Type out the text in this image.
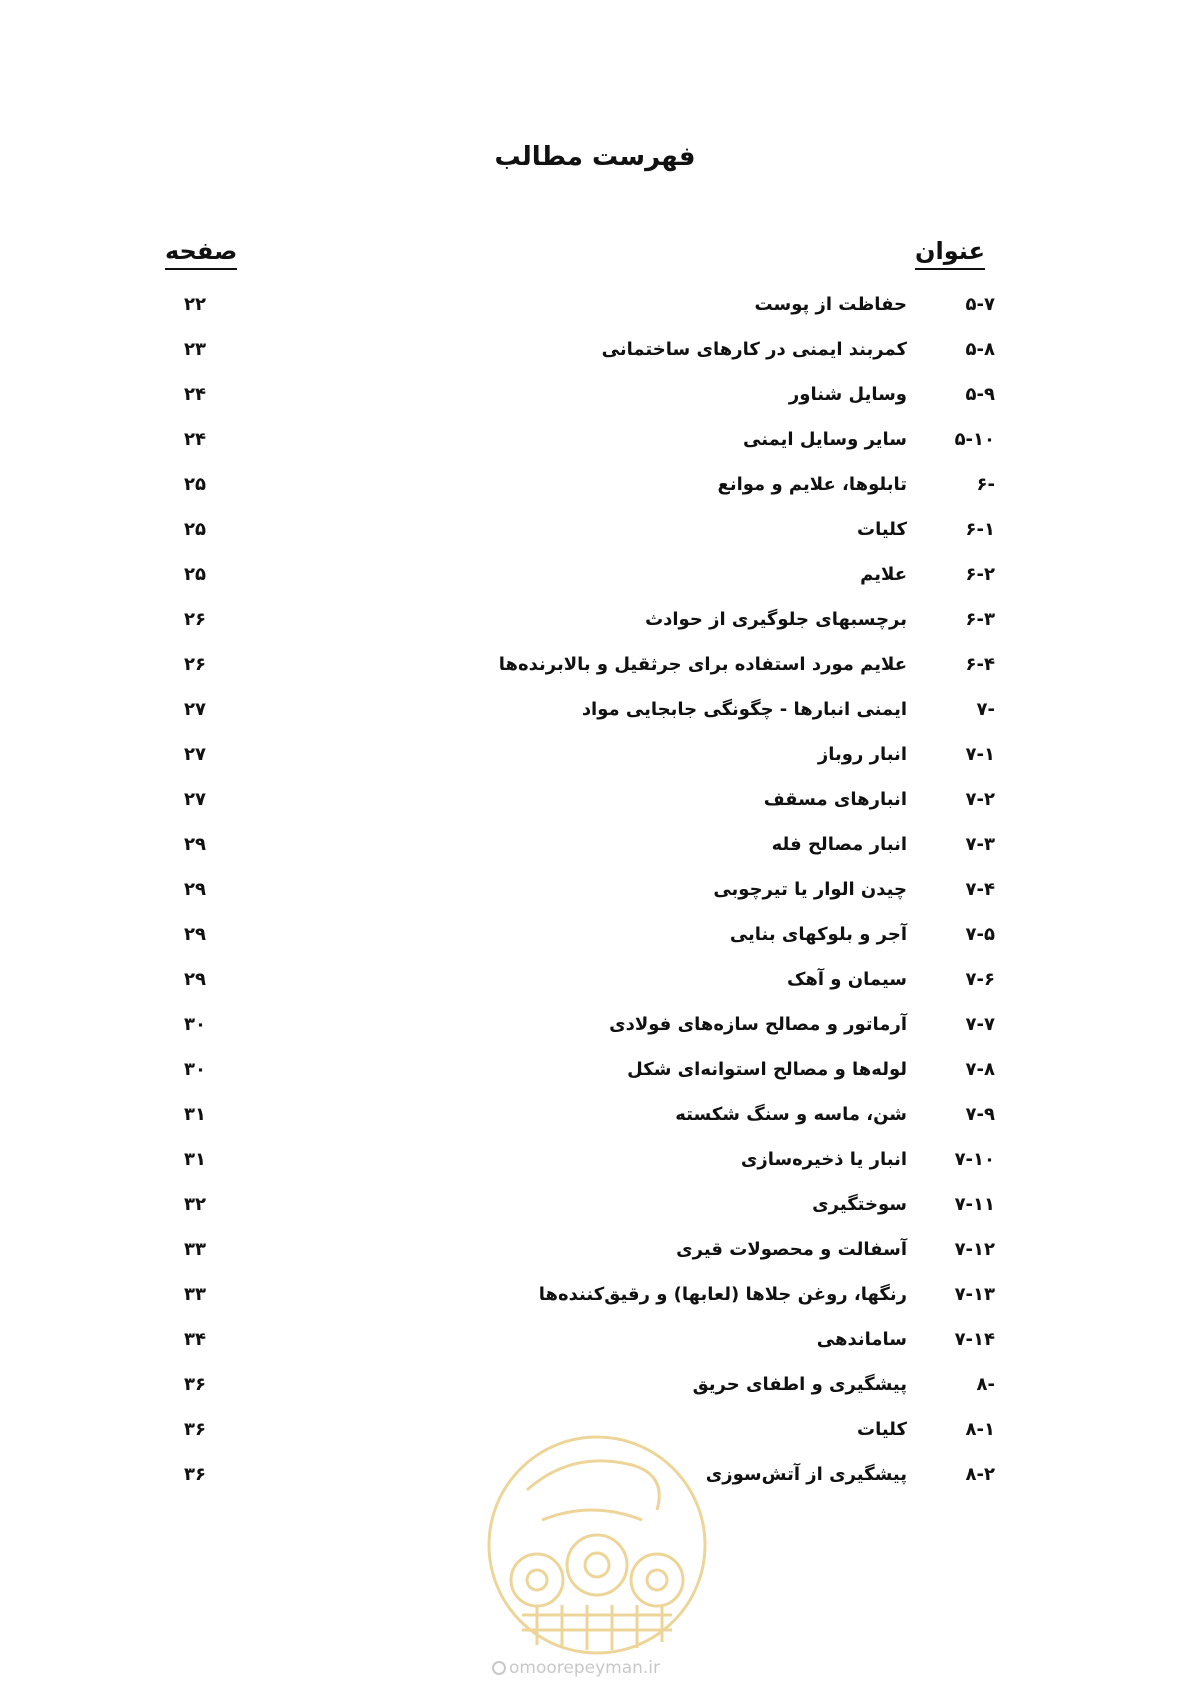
فهرست مطالب
عنوان
صفحه
۵-۷
حفاظت از پوست
۲۲
۵-۸
کمربند ایمنی در کارهای ساختمانی
۲۳
۵-۹
وسایل شناور
۲۴
۵-۱۰
سایر وسایل ایمنی
۲۴
-۶
تابلوها، علایم و موانع
۲۵
۶-۱
کلیات
۲۵
۶-۲
علایم
۲۵
۶-۳
برچسبهای جلوگیری از حوادث
۲۶
۶-۴
علایم مورد استفاده برای جرثقیل و بالابرنده‌ها
۲۶
-۷
ایمنی انبارها - چگونگی جابجایی مواد
۲۷
۷-۱
انبار روباز
۲۷
۷-۲
انبارهای مسقف
۲۷
۷-۳
انبار مصالح فله
۲۹
۷-۴
چیدن الوار یا تیرچوبی
۲۹
۷-۵
آجر و بلوکهای بنایی
۲۹
۷-۶
سیمان و آهک
۲۹
۷-۷
آرماتور و مصالح سازه‌های فولادی
۳۰
۷-۸
لوله‌ها و مصالح استوانه‌ای شکل
۳۰
۷-۹
شن، ماسه و سنگ شکسته
۳۱
۷-۱۰
انبار یا ذخیره‌سازی
۳۱
۷-۱۱
سوختگیری
۳۲
۷-۱۲
آسفالت و محصولات قیری
۳۳
۷-۱۳
رنگها، روغن جلاها (لعابها) و رقیق‌کننده‌ها
۳۳
۷-۱۴
ساماندهی
۳۴
-۸
پیشگیری و اطفای حریق
۳۶
۸-۱
کلیات
۳۶
۸-۲
پیشگیری از آتش‌سوزی
۳۶
omoorepeyman.ir
